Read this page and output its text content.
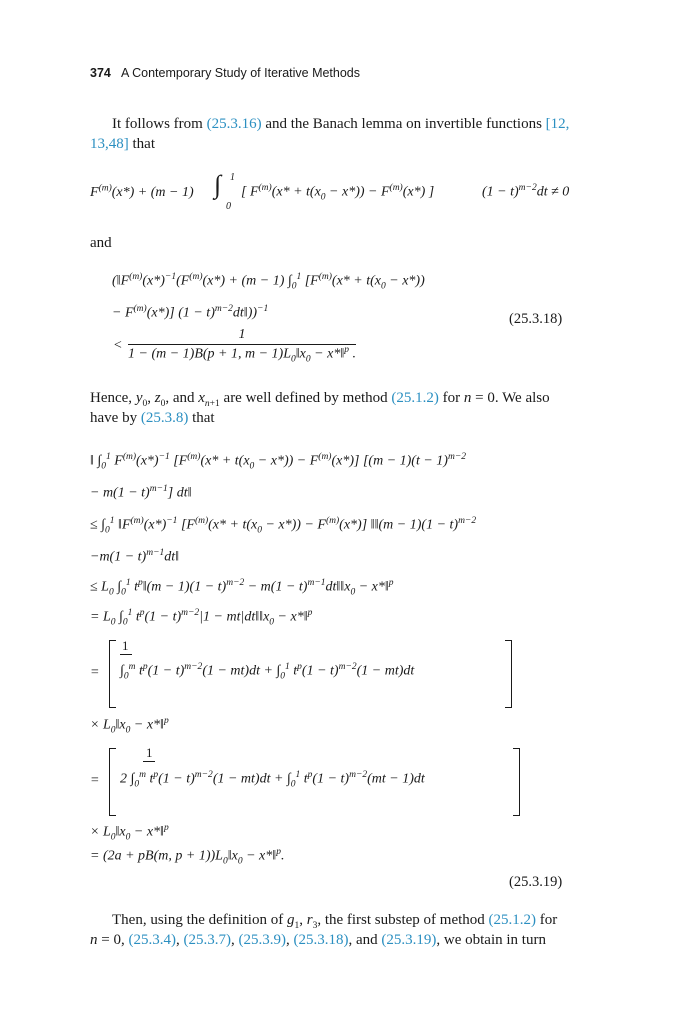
374 A Contemporary Study of Iterative Methods
It follows from (25.3.16) and the Banach lemma on invertible functions [12,
13,48] that
$F^{(m)}(x*) + (m - 1)$ ∫ 1
0
[ $F^{(m)}(x* + t(x_0 - x*)) - F^{(m)}(x*)$ ]	$(1 - t)^{m-2}dt \ne 0$
and
($‖F^{(m)}(x*)^{-1}(F^{(m)}(x*) + (m - 1)$ $\int_0^1$ [$F^{(m)}(x* + t(x_0 - x*))$
− $F^{(m)}(x*)$] $(1 - t)^{m-2}dt‖))^{-1}$
(25.3.18)
<
1
1 − (m − 1)B(p + 1, $m - 1)L_0‖x_0$ − x*‖$^p$ .
Hence, $y_0$, $z_0$, and $x_{n+1}$ are well defined by method (25.1.2) for n = 0. We also
have by (25.3.8) that
‖ $\int_0^1$ $F^{(m)}(x*)^{-1}$ $[F^{(m)}(x* + t(x_0 - x*)) - F^{(m)}(x*)] [(m - 1)(t - 1)^{m-2}$
− $m(1 - t)^{m-1}$] dt‖
≤ $\int_0^1$ $‖F^{(m)}(x*)^{-1}$ $[F^{(m)}(x* + t(x_0 - x*)) - F^{(m)}(x*)]$ ‖‖(m − $1)(1 - t)^{m-2}$
$-m(1 - t)^{m-1}dt‖$
≤ $L_0$ $\int_0^1$ $t^p‖(m - 1)(1 - t)^{m-2} - m(1$ − $t)^{m-1}dt‖‖x_0$ − x*‖$^p$
= $L_0$ $\int_0^1$ $t^p(1 - t)^{m-2}|1$ − $mt|dt‖‖x_0$ − x*‖$^p$
=
1
$\int_0^m$ $t^p(1 - t)^{m-2}(1 - mt)dt + \int_0^1$ $t^p(1 - t)^{m-2}(1 - mt)dt$
× $L_0‖x_0$ − x*‖$^p$
=
1
2 $\int_0^m$ $t^p(1 - t)^{m-2}(1 - mt)dt + \int_0^1$ $t^p(1 - t)^{m-2}(mt - 1)dt$
× $L_0‖x_0$ − x*‖$^p$
= (2a + pB(m, $p + 1))L_0‖x_0$ − x*‖$^p$.
(25.3.19)
Then, using the definition of $g_1$, $r_3$, the first substep of method (25.1.2) for
n = 0, (25.3.4), (25.3.7), (25.3.9), (25.3.18), and (25.3.19), we obtain in turn
